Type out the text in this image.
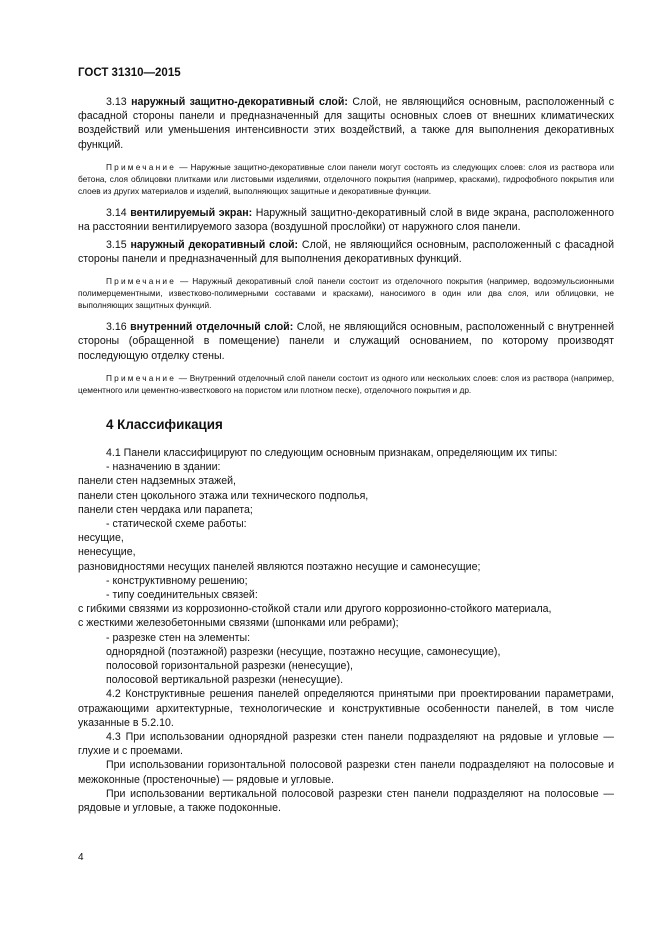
ГОСТ 31310—2015

3.13 наружный защитно-декоративный слой: Слой, не являющийся основным, расположенный с фасадной стороны панели и предназначенный для защиты основных слоев от внешних климатических воздействий или уменьшения интенсивности этих воздействий, а также для выполнения декоративных функций.

Примечание — Наружные защитно-декоративные слои панели могут состоять из следующих слоев: слоя из раствора или бетона, слоя облицовки плитками или листовыми изделиями, отделочного покрытия (например, красками), гидрофобного покрытия или слоев из других материалов и изделий, выполняющих защитные и декоративные функции.

3.14 вентилируемый экран: Наружный защитно-декоративный слой в виде экрана, расположенного на расстоянии вентилируемого зазора (воздушной прослойки) от наружного слоя панели.

3.15 наружный декоративный слой: Слой, не являющийся основным, расположенный с фасадной стороны панели и предназначенный для выполнения декоративных функций.

Примечание — Наружный декоративный слой панели состоит из отделочного покрытия (например, водоэмульсионными полимерцементными, известково-полимерными составами и красками), наносимого в один или два слоя, или облицовки, не выполняющих защитных функций.

3.16 внутренний отделочный слой: Слой, не являющийся основным, расположенный с внутренней стороны (обращенной в помещение) панели и служащий основанием, по которому производят последующую отделку стены.

Примечание — Внутренний отделочный слой панели состоит из одного или нескольких слоев: слоя из раствора (например, цементного или цементно-известкового на пористом или плотном песке), отделочного покрытия и др.

4 Классификация

4.1 Панели классифицируют по следующим основным признакам, определяющим их типы:

- назначению в здании:

панели стен надземных этажей,

панели стен цокольного этажа или технического подполья,

панели стен чердака или парапета;

- статической схеме работы:

несущие,

ненесущие,

разновидностями несущих панелей являются поэтажно несущие и самонесущие;

- конструктивному решению;

- типу соединительных связей:

с гибкими связями из коррозионно-стойкой стали или другого коррозионно-стойкого материала,

с жесткими железобетонными связями (шпонками или ребрами);

- разрезке стен на элементы:

однорядной (поэтажной) разрезки (несущие, поэтажно несущие, самонесущие),

полосовой горизонтальной разрезки (ненесущие),

полосовой вертикальной разрезки (ненесущие).

4.2 Конструктивные решения панелей определяются принятыми при проектировании параметрами, отражающими архитектурные, технологические и конструктивные особенности панелей, в том числе указанные в 5.2.10.

4.3 При использовании однорядной разрезки стен панели подразделяют на рядовые и угловые — глухие и с проемами.

При использовании горизонтальной полосовой разрезки стен панели подразделяют на полосовые и межоконные (простеночные) — рядовые и угловые.

При использовании вертикальной полосовой разрезки стен панели подразделяют на полосовые — рядовые и угловые, а также подоконные.

4
